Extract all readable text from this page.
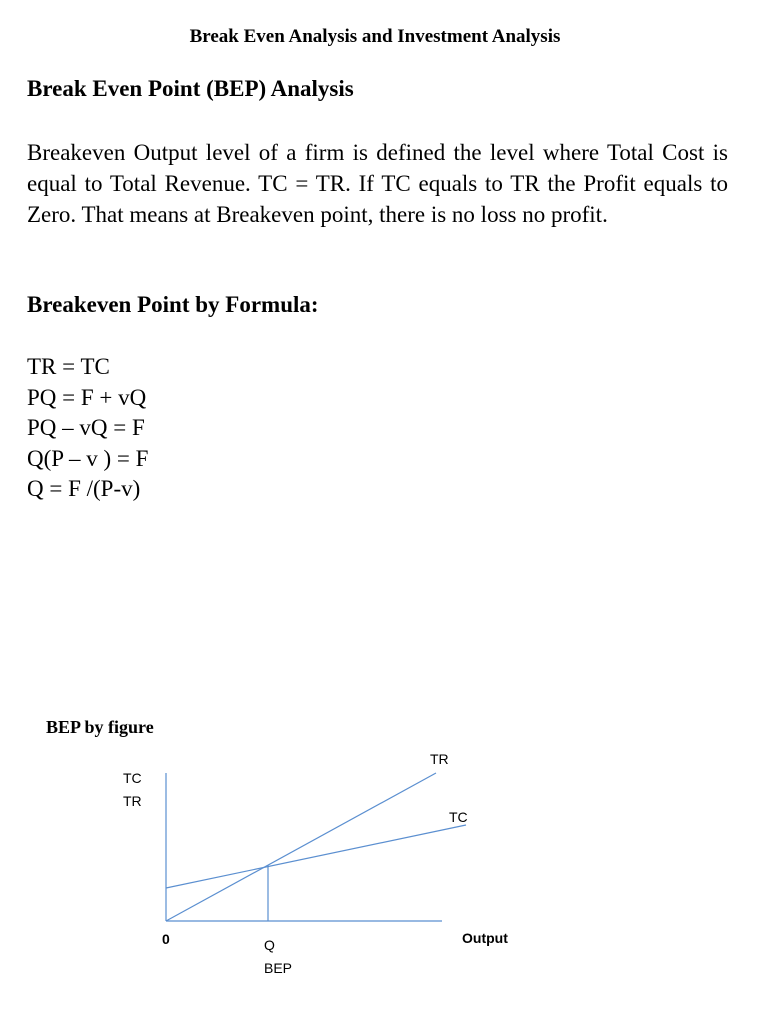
Break Even Analysis and Investment Analysis
Break Even Point (BEP) Analysis

Breakeven Output level of a firm is defined the level where Total Cost is equal to Total Revenue. TC = TR. If TC equals to TR the Profit equals to Zero. That means at Breakeven point, there is no loss no profit.

Breakeven Point by Formula:
TR = TC
PQ = F + vQ
PQ – vQ = F
Q(P – v ) = F
Q = F /(P-v)
BEP by figure
TC
TR
TR
TC
0	Q
BEP
Output
